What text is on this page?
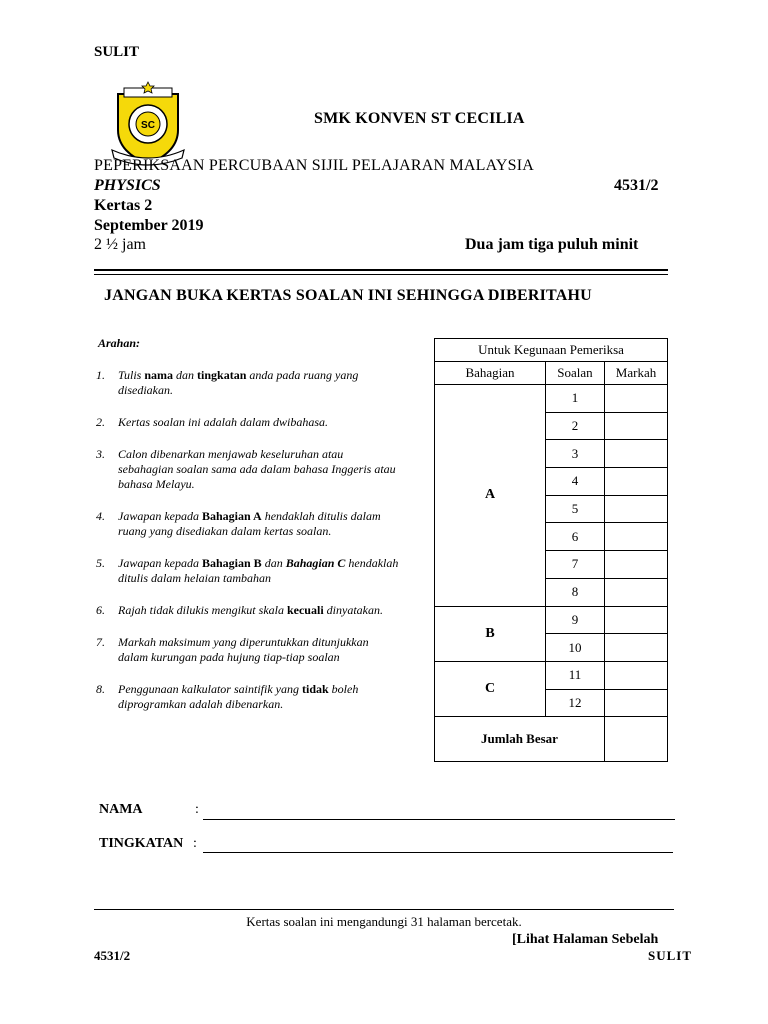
SULIT
SC	SMK KONVEN ST CECILIA
PEPERIKSAAN PERCUBAAN SIJIL PELAJARAN MALAYSIA
PHYSICS	4531/2
Kertas 2
September 2019
2 ½ jam	Dua jam tiga puluh minit
JANGAN BUKA KERTAS SOALAN INI SEHINGGA DIBERITAHU
Arahan:
1.	Tulis nama dan tingkatan anda pada ruang yang disediakan.
2.	Kertas soalan ini adalah dalam dwibahasa.
3.	Calon dibenarkan menjawab keseluruhan atau sebahagian soalan sama ada dalam bahasa Inggeris atau bahasa Melayu.
4.	Jawapan kepada Bahagian A hendaklah ditulis dalam ruang yang disediakan dalam kertas soalan.
5.	Jawapan kepada Bahagian B dan Bahagian C hendaklah ditulis dalam helaian tambahan
6.	Rajah tidak dilukis mengikut skala kecuali dinyatakan.
7.	Markah maksimum yang diperuntukkan ditunjukkan dalam kurungan pada hujung tiap-tiap soalan
8.	Penggunaan kalkulator saintifik yang tidak boleh diprogramkan adalah dibenarkan.
Untuk Kegunaan Pemeriksa		
Bahagian	Soalan	Markah
A	1	
	2	
	3	
	4	
	5	
	6	
	7	
	8	
B	9	
	10	
C	11	
	12	
Jumlah Besar		
NAMA	:
TINGKATAN :
Kertas soalan ini mengandungi 31 halaman bercetak.
[Lihat Halaman Sebelah
4531/2	SULIT
